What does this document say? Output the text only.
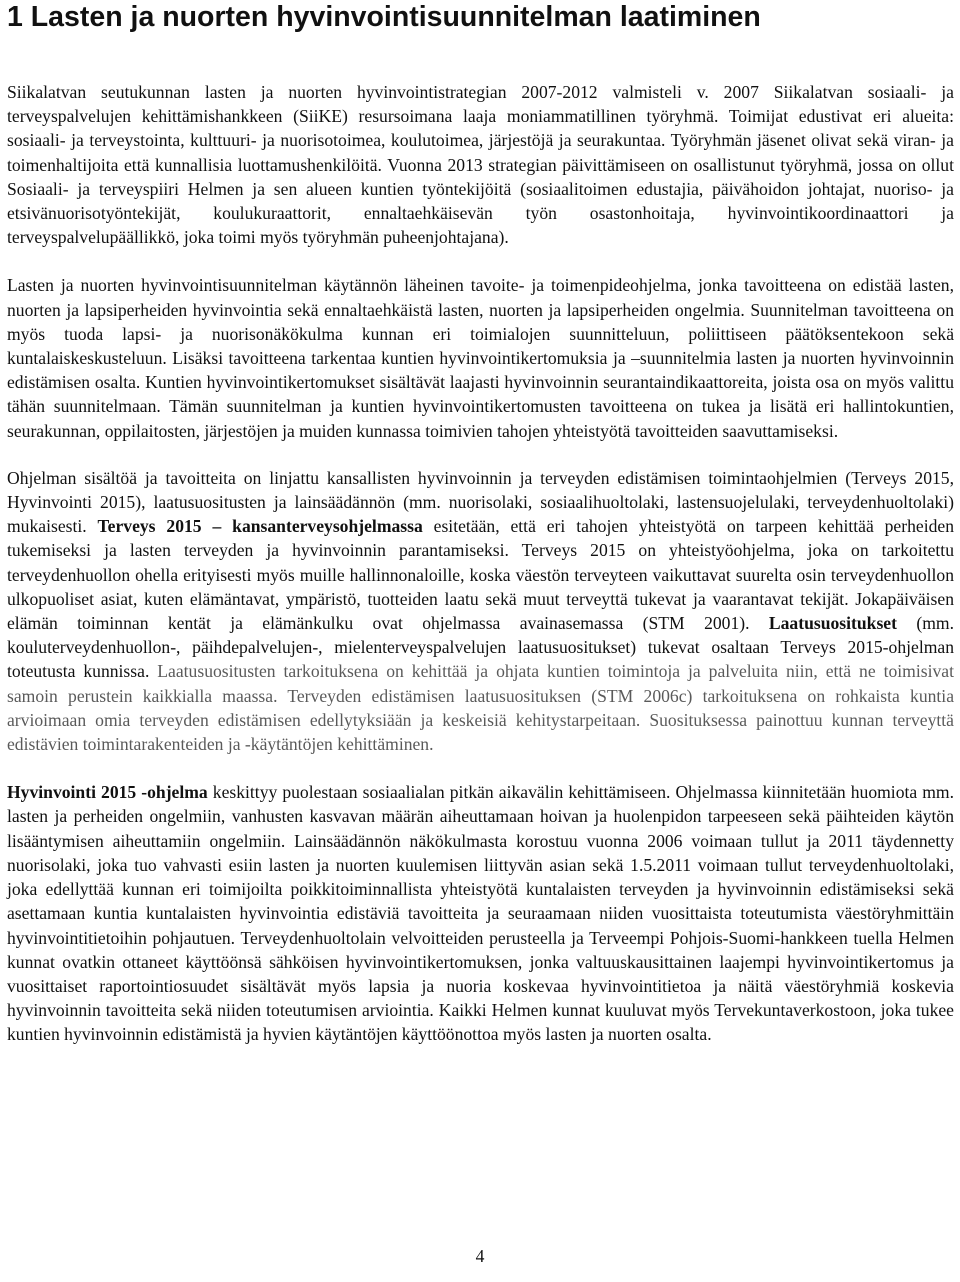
1 Lasten ja nuorten hyvinvointisuunnitelman laatiminen

Siikalatvan seutukunnan lasten ja nuorten hyvinvointistrategian 2007-2012 valmisteli v. 2007 Siikalatvan sosiaali- ja terveyspalvelujen kehittämishankkeen (SiiKE) resursoimana laaja moniammatillinen työryhmä. Toimijat edustivat eri alueita: sosiaali- ja terveystointa, kulttuuri- ja nuorisotoimea, koulutoimea, järjestöjä ja seurakuntaa. Työryhmän jäsenet olivat sekä viran- ja toimenhaltijoita että kunnallisia luottamushenkilöitä. Vuonna 2013 strategian päivittämiseen on osallistunut työryhmä, jossa on ollut Sosiaali- ja terveyspiiri Helmen ja sen alueen kuntien työntekijöitä (sosiaalitoimen edustajia, päivähoidon johtajat, nuoriso- ja etsivänuorisotyöntekijät, koulukuraattorit, ennaltaehkäisevän työn osastonhoitaja, hyvinvointikoordinaattori ja terveyspalvelupäällikkö, joka toimi myös työryhmän puheenjohtajana).

Lasten ja nuorten hyvinvointisuunnitelman käytännön läheinen tavoite- ja toimenpideohjelma, jonka tavoitteena on edistää lasten, nuorten ja lapsiperheiden hyvinvointia sekä ennaltaehkäistä lasten, nuorten ja lapsiperheiden ongelmia. Suunnitelman tavoitteena on myös tuoda lapsi- ja nuorisonäkökulma kunnan eri toimialojen suunnitteluun, poliittiseen päätöksentekoon sekä kuntalaiskeskusteluun. Lisäksi tavoitteena tarkentaa kuntien hyvinvointikertomuksia ja –suunnitelmia lasten ja nuorten hyvinvoinnin edistämisen osalta. Kuntien hyvinvointikertomukset sisältävät laajasti hyvinvoinnin seurantaindikaattoreita, joista osa on myös valittu tähän suunnitelmaan. Tämän suunnitelman ja kuntien hyvinvointikertomusten tavoitteena on tukea ja lisätä eri hallintokuntien, seurakunnan, oppilaitosten, järjestöjen ja muiden kunnassa toimivien tahojen yhteistyötä tavoitteiden saavuttamiseksi.

Ohjelman sisältöä ja tavoitteita on linjattu kansallisten hyvinvoinnin ja terveyden edistämisen toimintaohjelmien (Terveys 2015, Hyvinvointi 2015), laatusuositusten ja lainsäädännön (mm. nuorisolaki, sosiaalihuoltolaki, lastensuojelulaki, terveydenhuoltolaki) mukaisesti. Terveys 2015 – kansanterveysohjelmassa esitetään, että eri tahojen yhteistyötä on tarpeen kehittää perheiden tukemiseksi ja lasten terveyden ja hyvinvoinnin parantamiseksi. Terveys 2015 on yhteistyöohjelma, joka on tarkoitettu terveydenhuollon ohella erityisesti myös muille hallinnonaloille, koska väestön terveyteen vaikuttavat suurelta osin terveydenhuollon ulkopuoliset asiat, kuten elämäntavat, ympäristö, tuotteiden laatu sekä muut terveyttä tukevat ja vaarantavat tekijät. Jokapäiväisen elämän toiminnan kentät ja elämänkulku ovat ohjelmassa avainasemassa (STM 2001). Laatusuositukset (mm. kouluterveydenhuollon-, päihdepalvelujen-, mielenterveyspalvelujen laatusuositukset) tukevat osaltaan Terveys 2015-ohjelman toteutusta kunnissa. Laatusuositusten tarkoituksena on kehittää ja ohjata kuntien toimintoja ja palveluita niin, että ne toimisivat samoin perustein kaikkialla maassa. Terveyden edistämisen laatusuosituksen (STM 2006c) tarkoituksena on rohkaista kuntia arvioimaan omia terveyden edistämisen edellytyksiään ja keskeisiä kehitystarpeitaan. Suosituksessa painottuu kunnan terveyttä edistävien toimintarakenteiden ja -käytäntöjen kehittäminen.

Hyvinvointi 2015 -ohjelma keskittyy puolestaan sosiaalialan pitkän aikavälin kehittämiseen. Ohjelmassa kiinnitetään huomiota mm. lasten ja perheiden ongelmiin, vanhusten kasvavan määrän aiheuttamaan hoivan ja huolenpidon tarpeeseen sekä päihteiden käytön lisääntymisen aiheuttamiin ongelmiin. Lainsäädännön näkökulmasta korostuu vuonna 2006 voimaan tullut ja 2011 täydennetty nuorisolaki, joka tuo vahvasti esiin lasten ja nuorten kuulemisen liittyvän asian sekä 1.5.2011 voimaan tullut terveydenhuoltolaki, joka edellyttää kunnan eri toimijoilta poikkitoiminnallista yhteistyötä kuntalaisten terveyden ja hyvinvoinnin edistämiseksi sekä asettamaan kuntia kuntalaisten hyvinvointia edistäviä tavoitteita ja seuraamaan niiden vuosittaista toteutumista väestöryhmittäin hyvinvointitietoihin pohjautuen. Terveydenhuoltolain velvoitteiden perusteella ja Terveempi Pohjois-Suomi-hankkeen tuella Helmen kunnat ovatkin ottaneet käyttöönsä sähköisen hyvinvointikertomuksen, jonka valtuuskausittainen laajempi hyvinvointikertomus ja vuosittaiset raportointiosuudet sisältävät myös lapsia ja nuoria koskevaa hyvinvointitietoa ja näitä väestöryhmiä koskevia hyvinvoinnin tavoitteita sekä niiden toteutumisen arviointia. Kaikki Helmen kunnat kuuluvat myös Tervekuntaverkostoon, joka tukee kuntien hyvinvoinnin edistämistä ja hyvien käytäntöjen käyttöönottoa myös lasten ja nuorten osalta.

4
